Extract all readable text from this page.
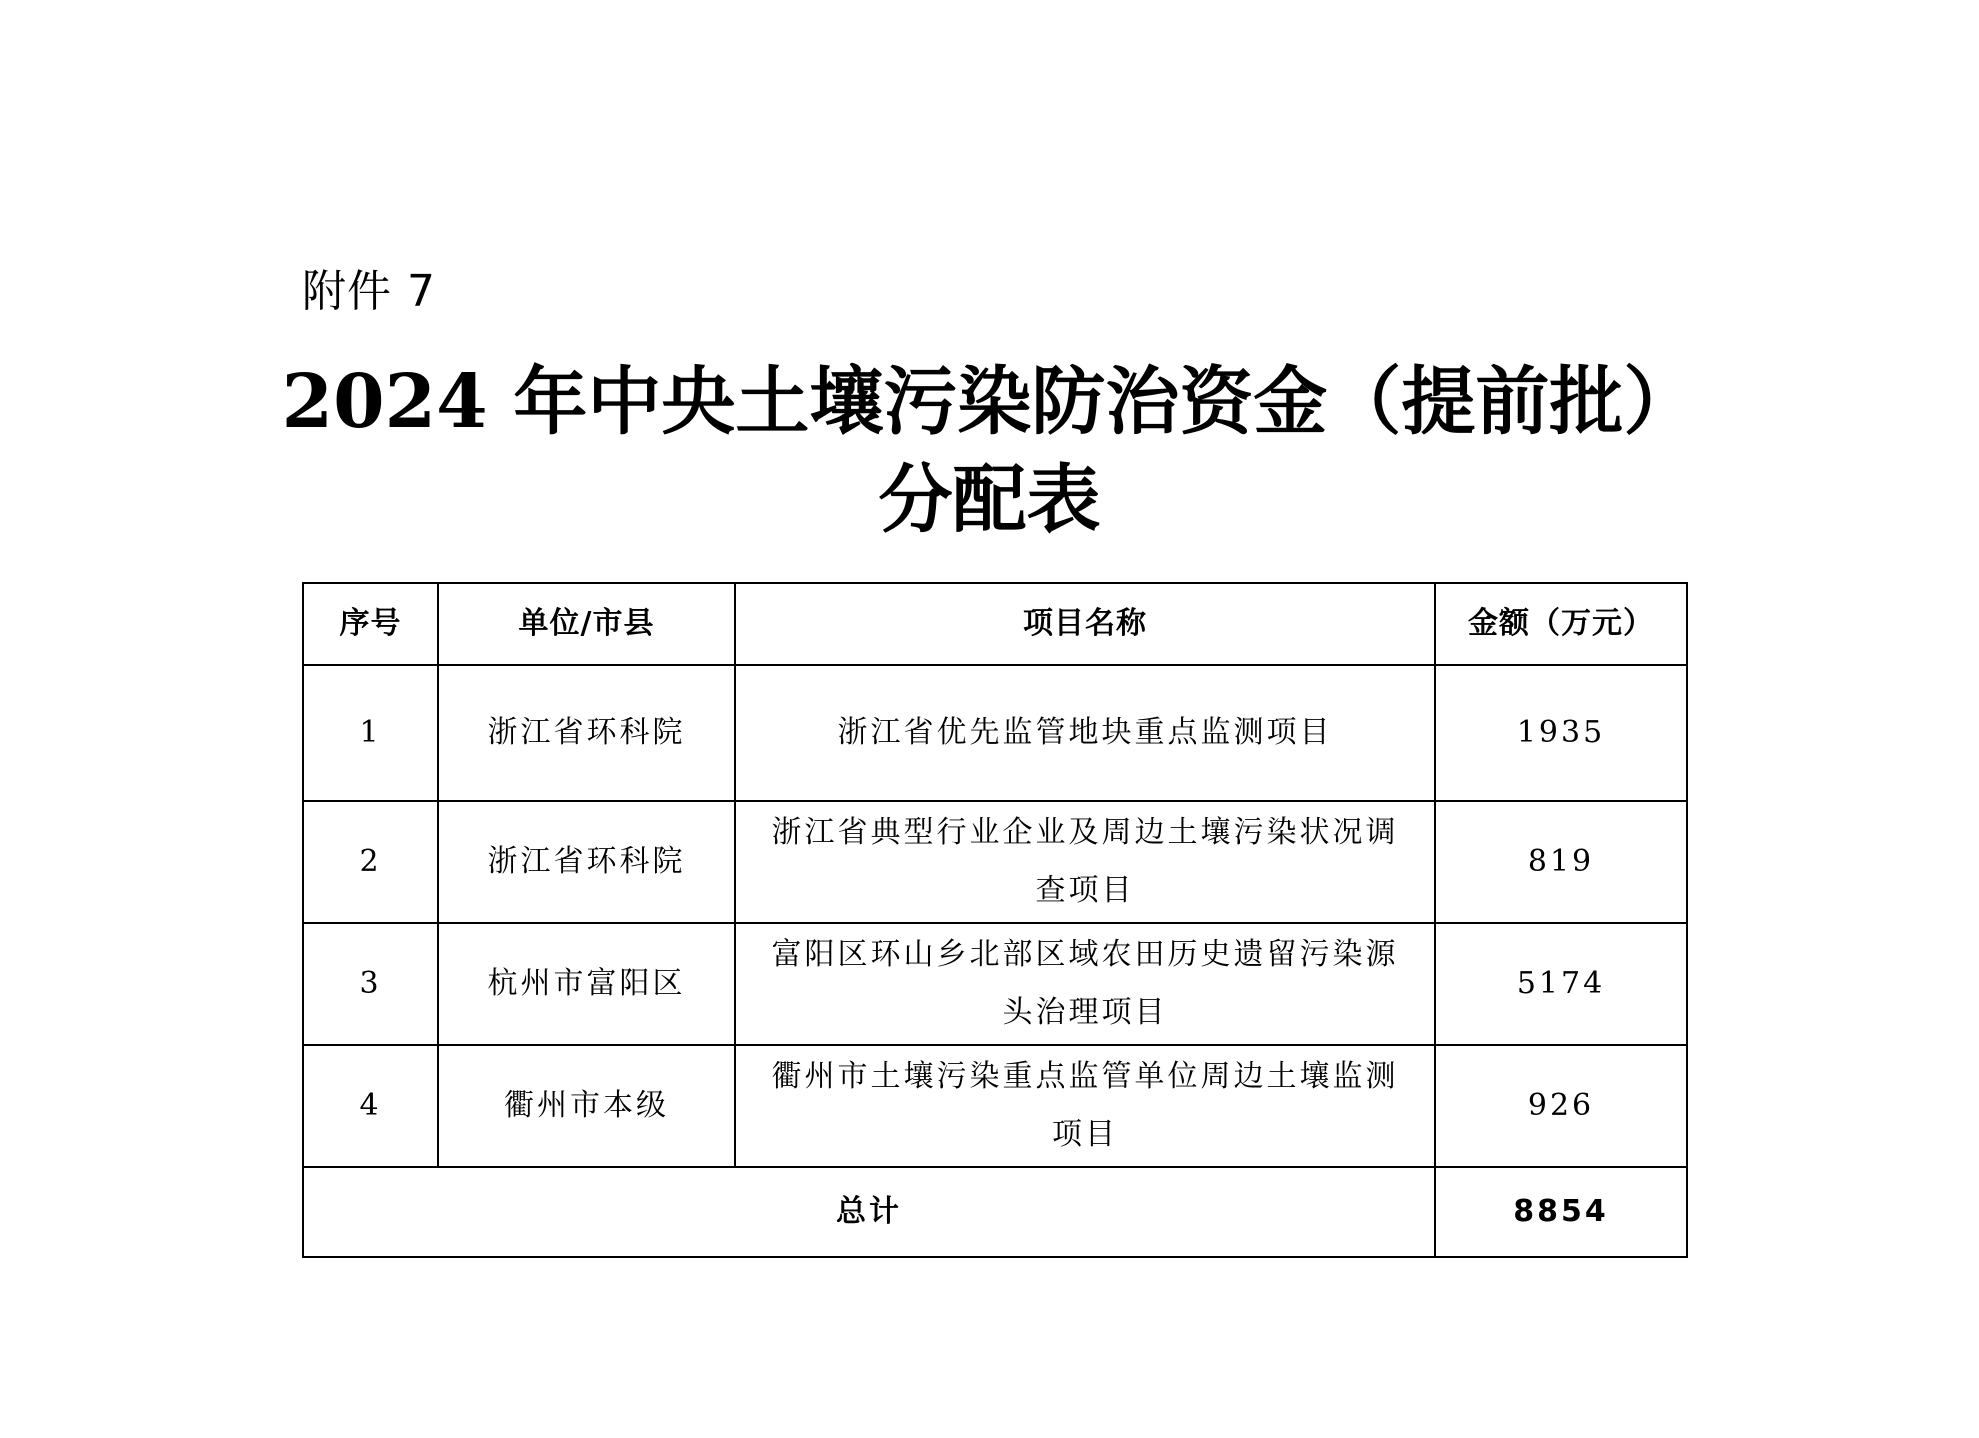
附件 7
2024 年中央土壤污染防治资金（提前批）
分配表
序号	单位/市县	项目名称	金额（万元）
1	浙江省环科院	浙江省优先监管地块重点监测项目	1935
2	浙江省环科院	浙江省典型行业企业及周边土壤污染状况调查项目	819
3	杭州市富阳区	富阳区环山乡北部区域农田历史遗留污染源头治理项目	5174
4	衢州市本级	衢州市土壤污染重点监管单位周边土壤监测项目	926
总计			8854
